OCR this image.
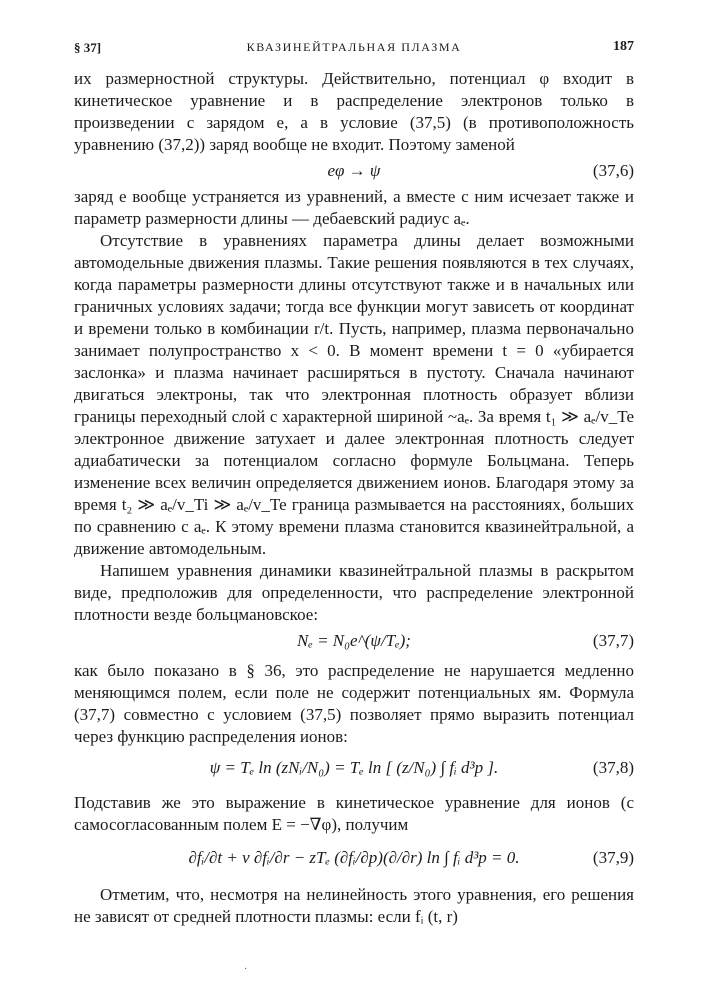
§ 37]	КВАЗИНЕЙТРАЛЬНАЯ ПЛАЗМА	187

их размерностной структуры. Действительно, потенциал φ входит в кинетическое уравнение и в распределение электронов только в произведении с зарядом e, а в условие (37,5) (в противоположность уравнению (37,2)) заряд вообще не входит. Поэтому заменой

eφ → ψ	(37,6)

заряд e вообще устраняется из уравнений, а вместе с ним исчезает также и параметр размерности длины — дебаевский радиус aₑ.

Отсутствие в уравнениях параметра длины делает возможными автомодельные движения плазмы. Такие решения появляются в тех случаях, когда параметры размерности длины отсутствуют также и в начальных или граничных условиях задачи; тогда все функции могут зависеть от координат и времени только в комбинации r/t. Пусть, например, плазма первоначально занимает полупространство x < 0. В момент времени t = 0 «убирается заслонка» и плазма начинает расширяться в пустоту. Сначала начинают двигаться электроны, так что электронная плотность образует вблизи границы переходный слой с характерной шириной ~aₑ. За время t₁ ≫ aₑ/v_Te электронное движение затухает и далее электронная плотность следует адиабатически за потенциалом согласно формуле Больцмана. Теперь изменение всех величин определяется движением ионов. Благодаря этому за время t₂ ≫ aₑ/v_Ti ≫ aₑ/v_Te граница размывается на расстояниях, больших по сравнению с aₑ. К этому времени плазма становится квазинейтральной, а движение автомодельным.

Напишем уравнения динамики квазинейтральной плазмы в раскрытом виде, предположив для определенности, что распределение электронной плотности везде больцмановское:

Nₑ = N₀e^(ψ/Tₑ);	(37,7)

как было показано в § 36, это распределение не нарушается медленно меняющимся полем, если поле не содержит потенциальных ям. Формула (37,7) совместно с условием (37,5) позволяет прямо выразить потенциал через функцию распределения ионов:

ψ = Tₑ ln (zNᵢ/N₀) = Tₑ ln [ (z/N₀) ∫ fᵢ d³p ].	(37,8)

Подставив же это выражение в кинетическое уравнение для ионов (с самосогласованным полем E = −∇φ), получим

∂fᵢ/∂t + v ∂fᵢ/∂r − zTₑ (∂fᵢ/∂p)(∂/∂r) ln ∫ fᵢ d³p = 0.	(37,9)

Отметим, что, несмотря на нелинейность этого уравнения, его решения не зависят от средней плотности плазмы: если fᵢ (t, r)

·
